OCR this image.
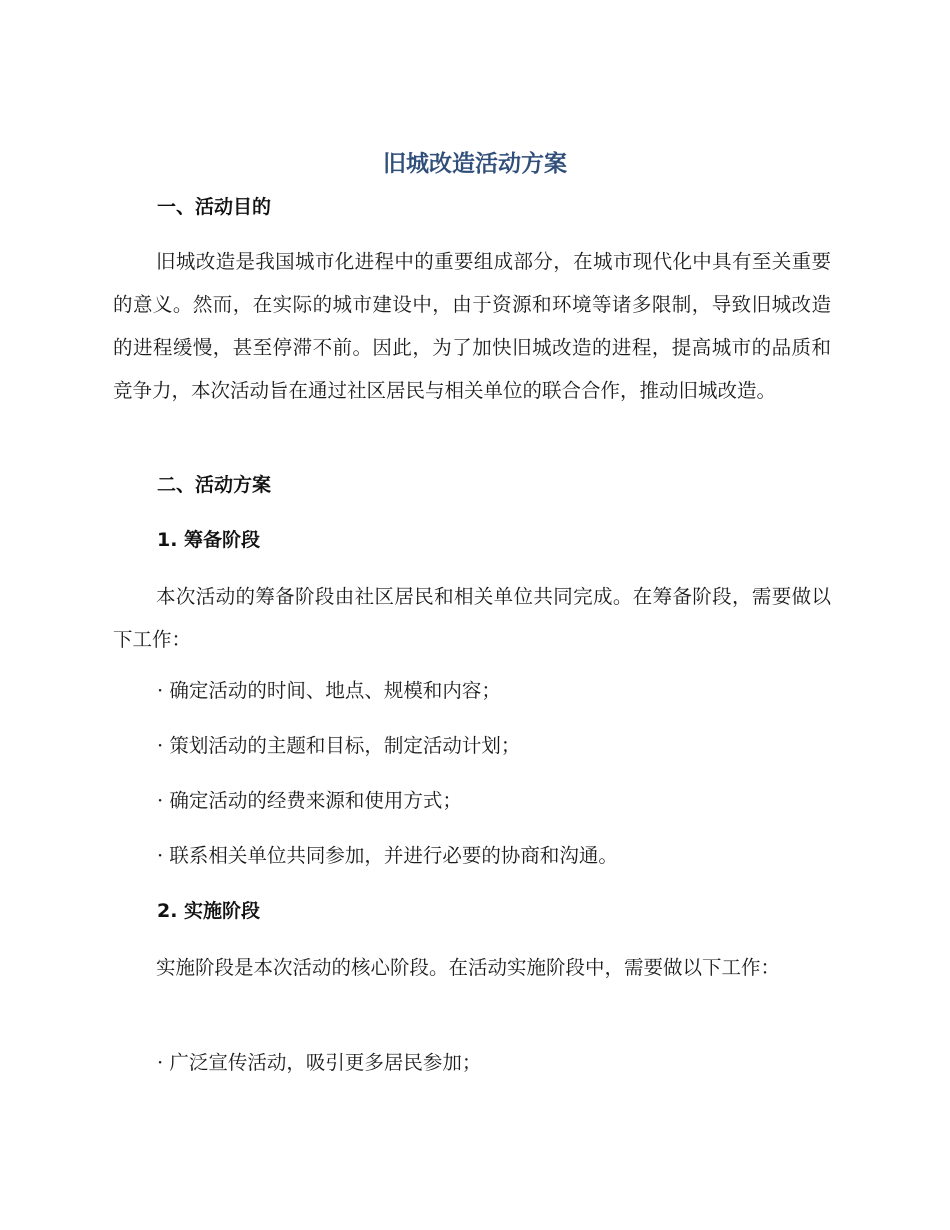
旧城改造活动方案
一、活动目的

旧城改造是我国城市化进程中的重要组成部分，在城市现代化中具有至关重要的意义。然而，在实际的城市建设中，由于资源和环境等诸多限制，导致旧城改造的进程缓慢，甚至停滞不前。因此，为了加快旧城改造的进程，提高城市的品质和竞争力，本次活动旨在通过社区居民与相关单位的联合合作，推动旧城改造。

二、活动方案
1. 筹备阶段

本次活动的筹备阶段由社区居民和相关单位共同完成。在筹备阶段，需要做以下工作：

· 确定活动的时间、地点、规模和内容；
· 策划活动的主题和目标，制定活动计划；
· 确定活动的经费来源和使用方式；
· 联系相关单位共同参加，并进行必要的协商和沟通。
2. 实施阶段

实施阶段是本次活动的核心阶段。在活动实施阶段中，需要做以下工作：

· 广泛宣传活动，吸引更多居民参加；
